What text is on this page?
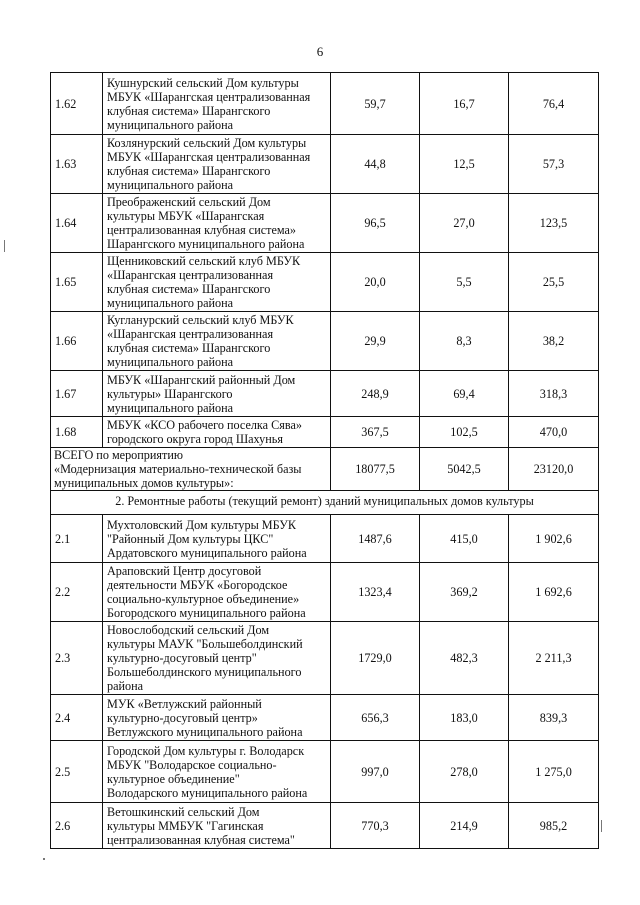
6
1.62	Кушнурский сельский Дом культуры
МБУК «Шарангская централизованная
клубная система» Шарангского
муниципального района	59,7	16,7	76,4
1.63	Козлянурский сельский Дом культуры
МБУК «Шарангская централизованная
клубная система» Шарангского
муниципального района	44,8	12,5	57,3
1.64	Преображенский сельский Дом
культуры МБУК «Шарангская
централизованная клубная система»
Шарангского муниципального района	96,5	27,0	123,5
1.65	Щенниковский сельский клуб МБУК
«Шарангская централизованная
клубная система» Шарангского
муниципального района	20,0	5,5	25,5
1.66	Кугланурский сельский клуб МБУК
«Шарангская централизованная
клубная система» Шарангского
муниципального района	29,9	8,3	38,2
1.67	МБУК «Шарангский районный Дом
культуры» Шарангского
муниципального района	248,9	69,4	318,3
1.68	МБУК «КСО рабочего поселка Сява»
городского округа город Шахунья	367,5	102,5	470,0

ВСЕГО по мероприятию
«Модернизация материально-технической базы
муниципальных домов культуры»:		18077,5	5042,5	23120,0
2. Ремонтные работы (текущий ремонт) зданий муниципальных домов культуры				
2.1	Мухтоловский Дом культуры МБУК
"Районный Дом культуры ЦКС"
Ардатовского муниципального района	1487,6	415,0	1 902,6
2.2	Араповский Центр досуговой
деятельности МБУК «Богородское
социально-культурное объединение»
Богородского муниципального района	1323,4	369,2	1 692,6
2.3	Новослободский сельский Дом
культуры МАУК "Большеболдинский
культурно-досуговый центр"
Большеболдинского муниципального
района	1729,0	482,3	2 211,3
2.4	МУК «Ветлужский районный
культурно-досуговый центр»
Ветлужского муниципального района	656,3	183,0	839,3
2.5	Городской Дом культуры г. Володарск
МБУК "Володарское социально-
культурное объединение"
Володарского муниципального района	997,0	278,0	1 275,0
2.6	Ветошкинский сельский Дом
культуры ММБУК "Гагинская
централизованная клубная система"	770,3	214,9	985,2
